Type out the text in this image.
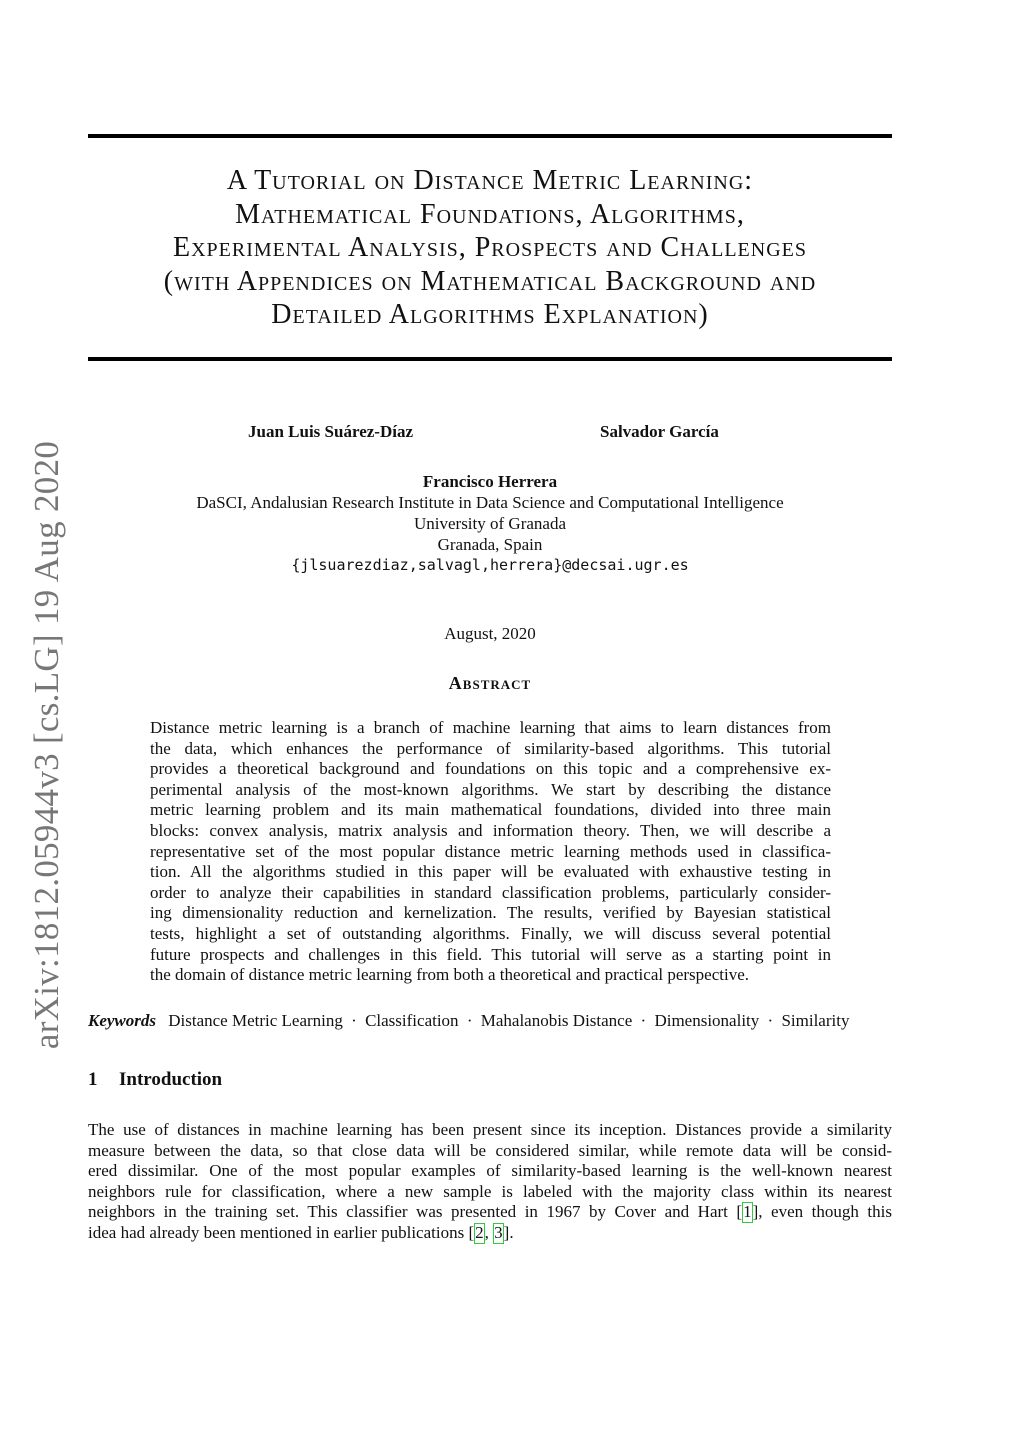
arXiv:1812.05944v3 [cs.LG] 19 Aug 2020
A Tutorial on Distance Metric Learning:
Mathematical Foundations, Algorithms,
Experimental Analysis, Prospects and Challenges
(with Appendices on Mathematical Background and
Detailed Algorithms Explanation)
Juan Luis Suárez-Díaz	Salvador García
Francisco Herrera
DaSCI, Andalusian Research Institute in Data Science and Computational Intelligence
University of Granada
Granada, Spain
{jlsuarezdiaz,salvagl,herrera}@decsai.ugr.es
August, 2020
Abstract
Distance metric learning is a branch of machine learning that aims to learn distances from
the data, which enhances the performance of similarity-based algorithms. This tutorial
provides a theoretical background and foundations on this topic and a comprehensive ex-
perimental analysis of the most-known algorithms. We start by describing the distance
metric learning problem and its main mathematical foundations, divided into three main
blocks: convex analysis, matrix analysis and information theory. Then, we will describe a
representative set of the most popular distance metric learning methods used in classifica-
tion. All the algorithms studied in this paper will be evaluated with exhaustive testing in
order to analyze their capabilities in standard classification problems, particularly consider-
ing dimensionality reduction and kernelization. The results, verified by Bayesian statistical
tests, highlight a set of outstanding algorithms. Finally, we will discuss several potential
future prospects and challenges in this field. This tutorial will serve as a starting point in
the domain of distance metric learning from both a theoretical and practical perspective.
Keywords Distance Metric Learning · Classification · Mahalanobis Distance · Dimensionality · Similarity
1 Introduction
The use of distances in machine learning has been present since its inception. Distances provide a similarity
measure between the data, so that close data will be considered similar, while remote data will be consid-
ered dissimilar. One of the most popular examples of similarity-based learning is the well-known nearest
neighbors rule for classification, where a new sample is labeled with the majority class within its nearest
neighbors in the training set. This classifier was presented in 1967 by Cover and Hart [1], even though this
idea had already been mentioned in earlier publications [2, 3].
